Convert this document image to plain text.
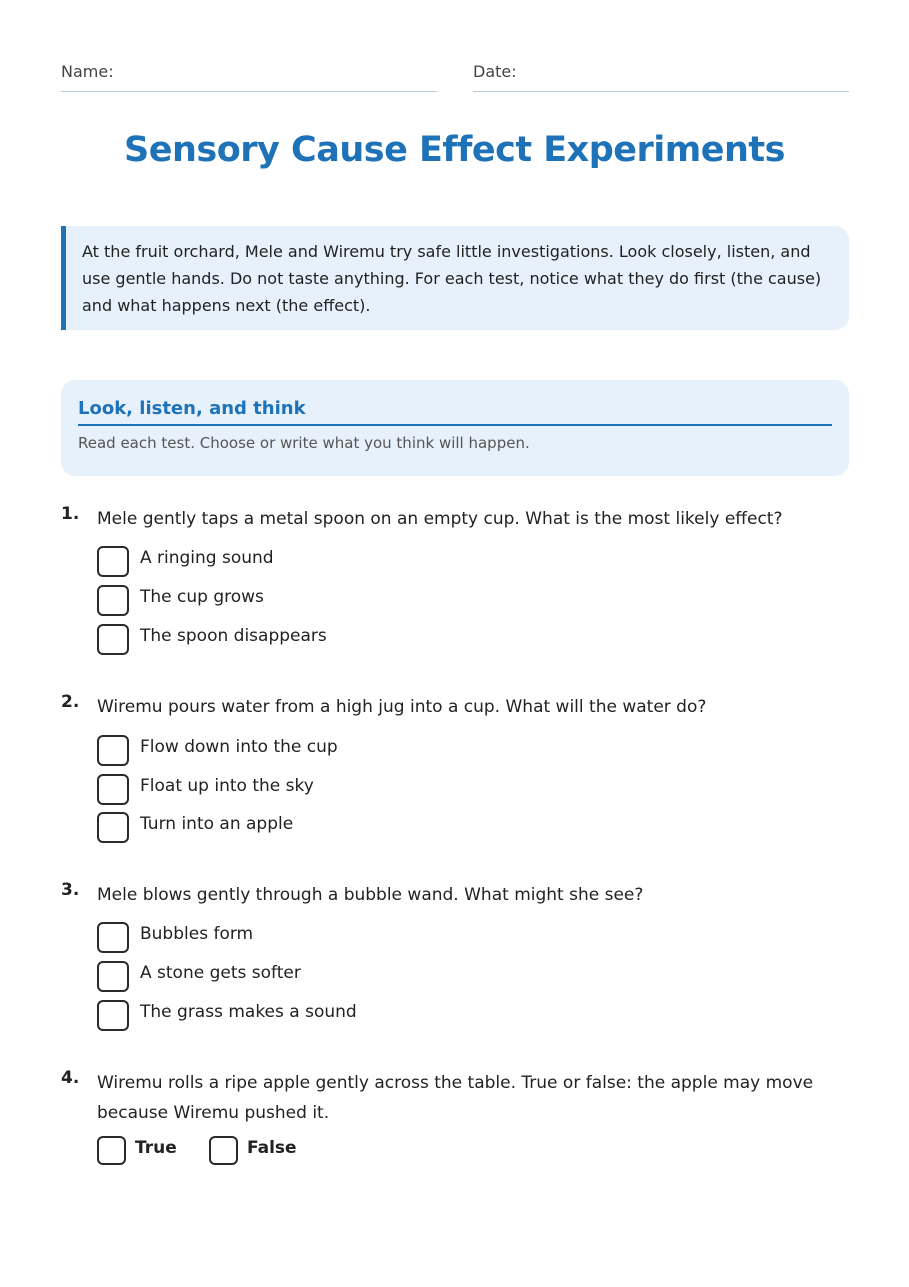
Name:	Date:
Sensory Cause Effect Experiments
At the fruit orchard, Mele and Wiremu try safe little investigations. Look closely, listen, and use gentle hands. Do not taste anything. For each test, notice what they do first (the cause) and what happens next (the effect).
Look, listen, and think
Read each test. Choose or write what you think will happen.
1. Mele gently taps a metal spoon on an empty cup. What is the most likely effect?
A ringing sound
The cup grows
The spoon disappears
2. Wiremu pours water from a high jug into a cup. What will the water do?
Flow down into the cup
Float up into the sky
Turn into an apple
3. Mele blows gently through a bubble wand. What might she see?
Bubbles form
A stone gets softer
The grass makes a sound
4. Wiremu rolls a ripe apple gently across the table. True or false: the apple may move because Wiremu pushed it.
True	False
